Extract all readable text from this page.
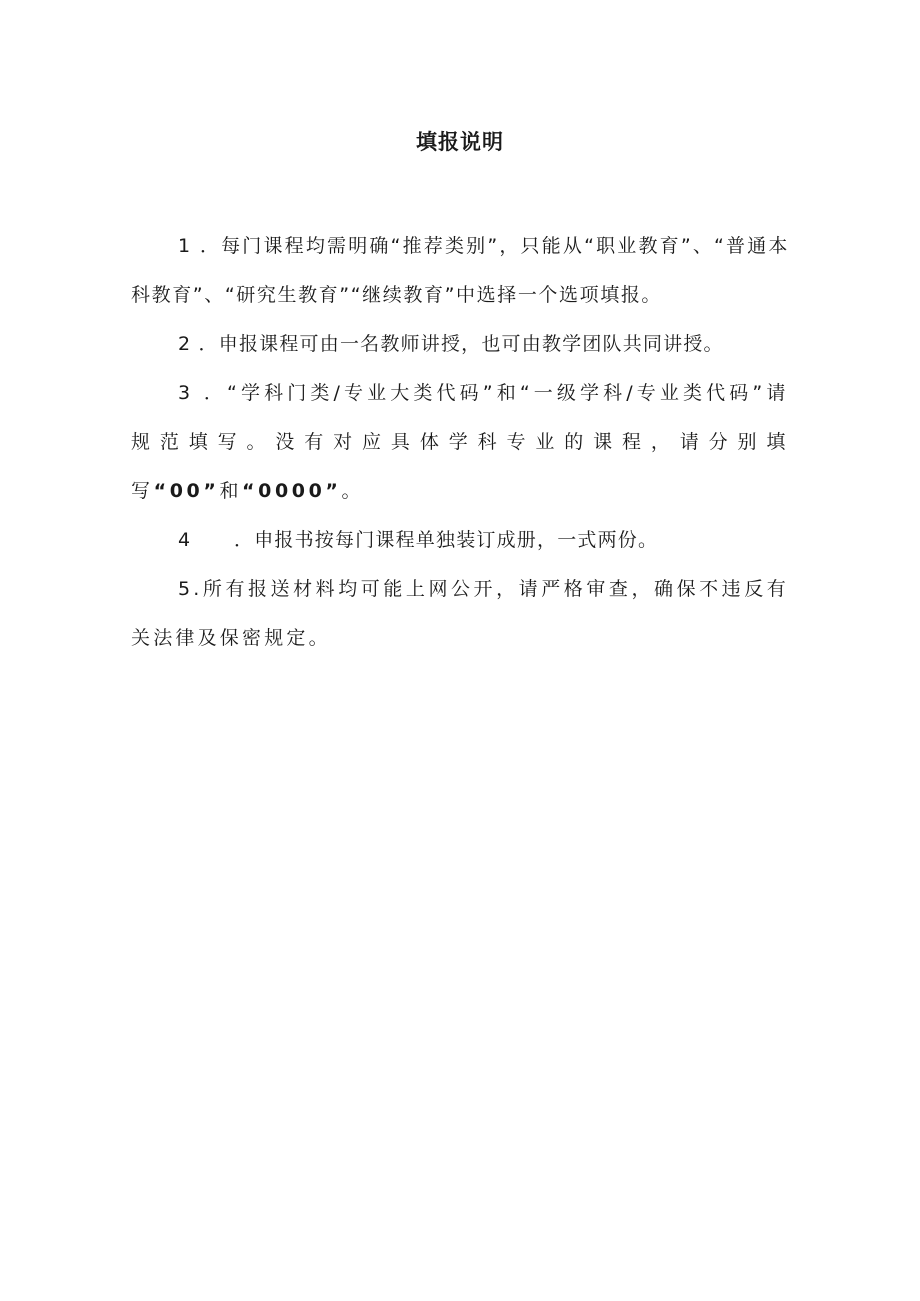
填报说明

1 ．每门课程均需明确“推荐类别”，只能从“职业教育”、“普通本科教育”、“研究生教育”“继续教育”中选择一个选项填报。

2 ．申报课程可由一名教师讲授，也可由教学团队共同讲授。

3 ．“学科门类/专业大类代码”和“一级学科/专业类代码”请规范填写。没有对应具体学科专业的课程，请分别填写“00”和“0000”。

4 ．申报书按每门课程单独装订成册，一式两份。

5.所有报送材料均可能上网公开，请严格审查，确保不违反有关法律及保密规定。
